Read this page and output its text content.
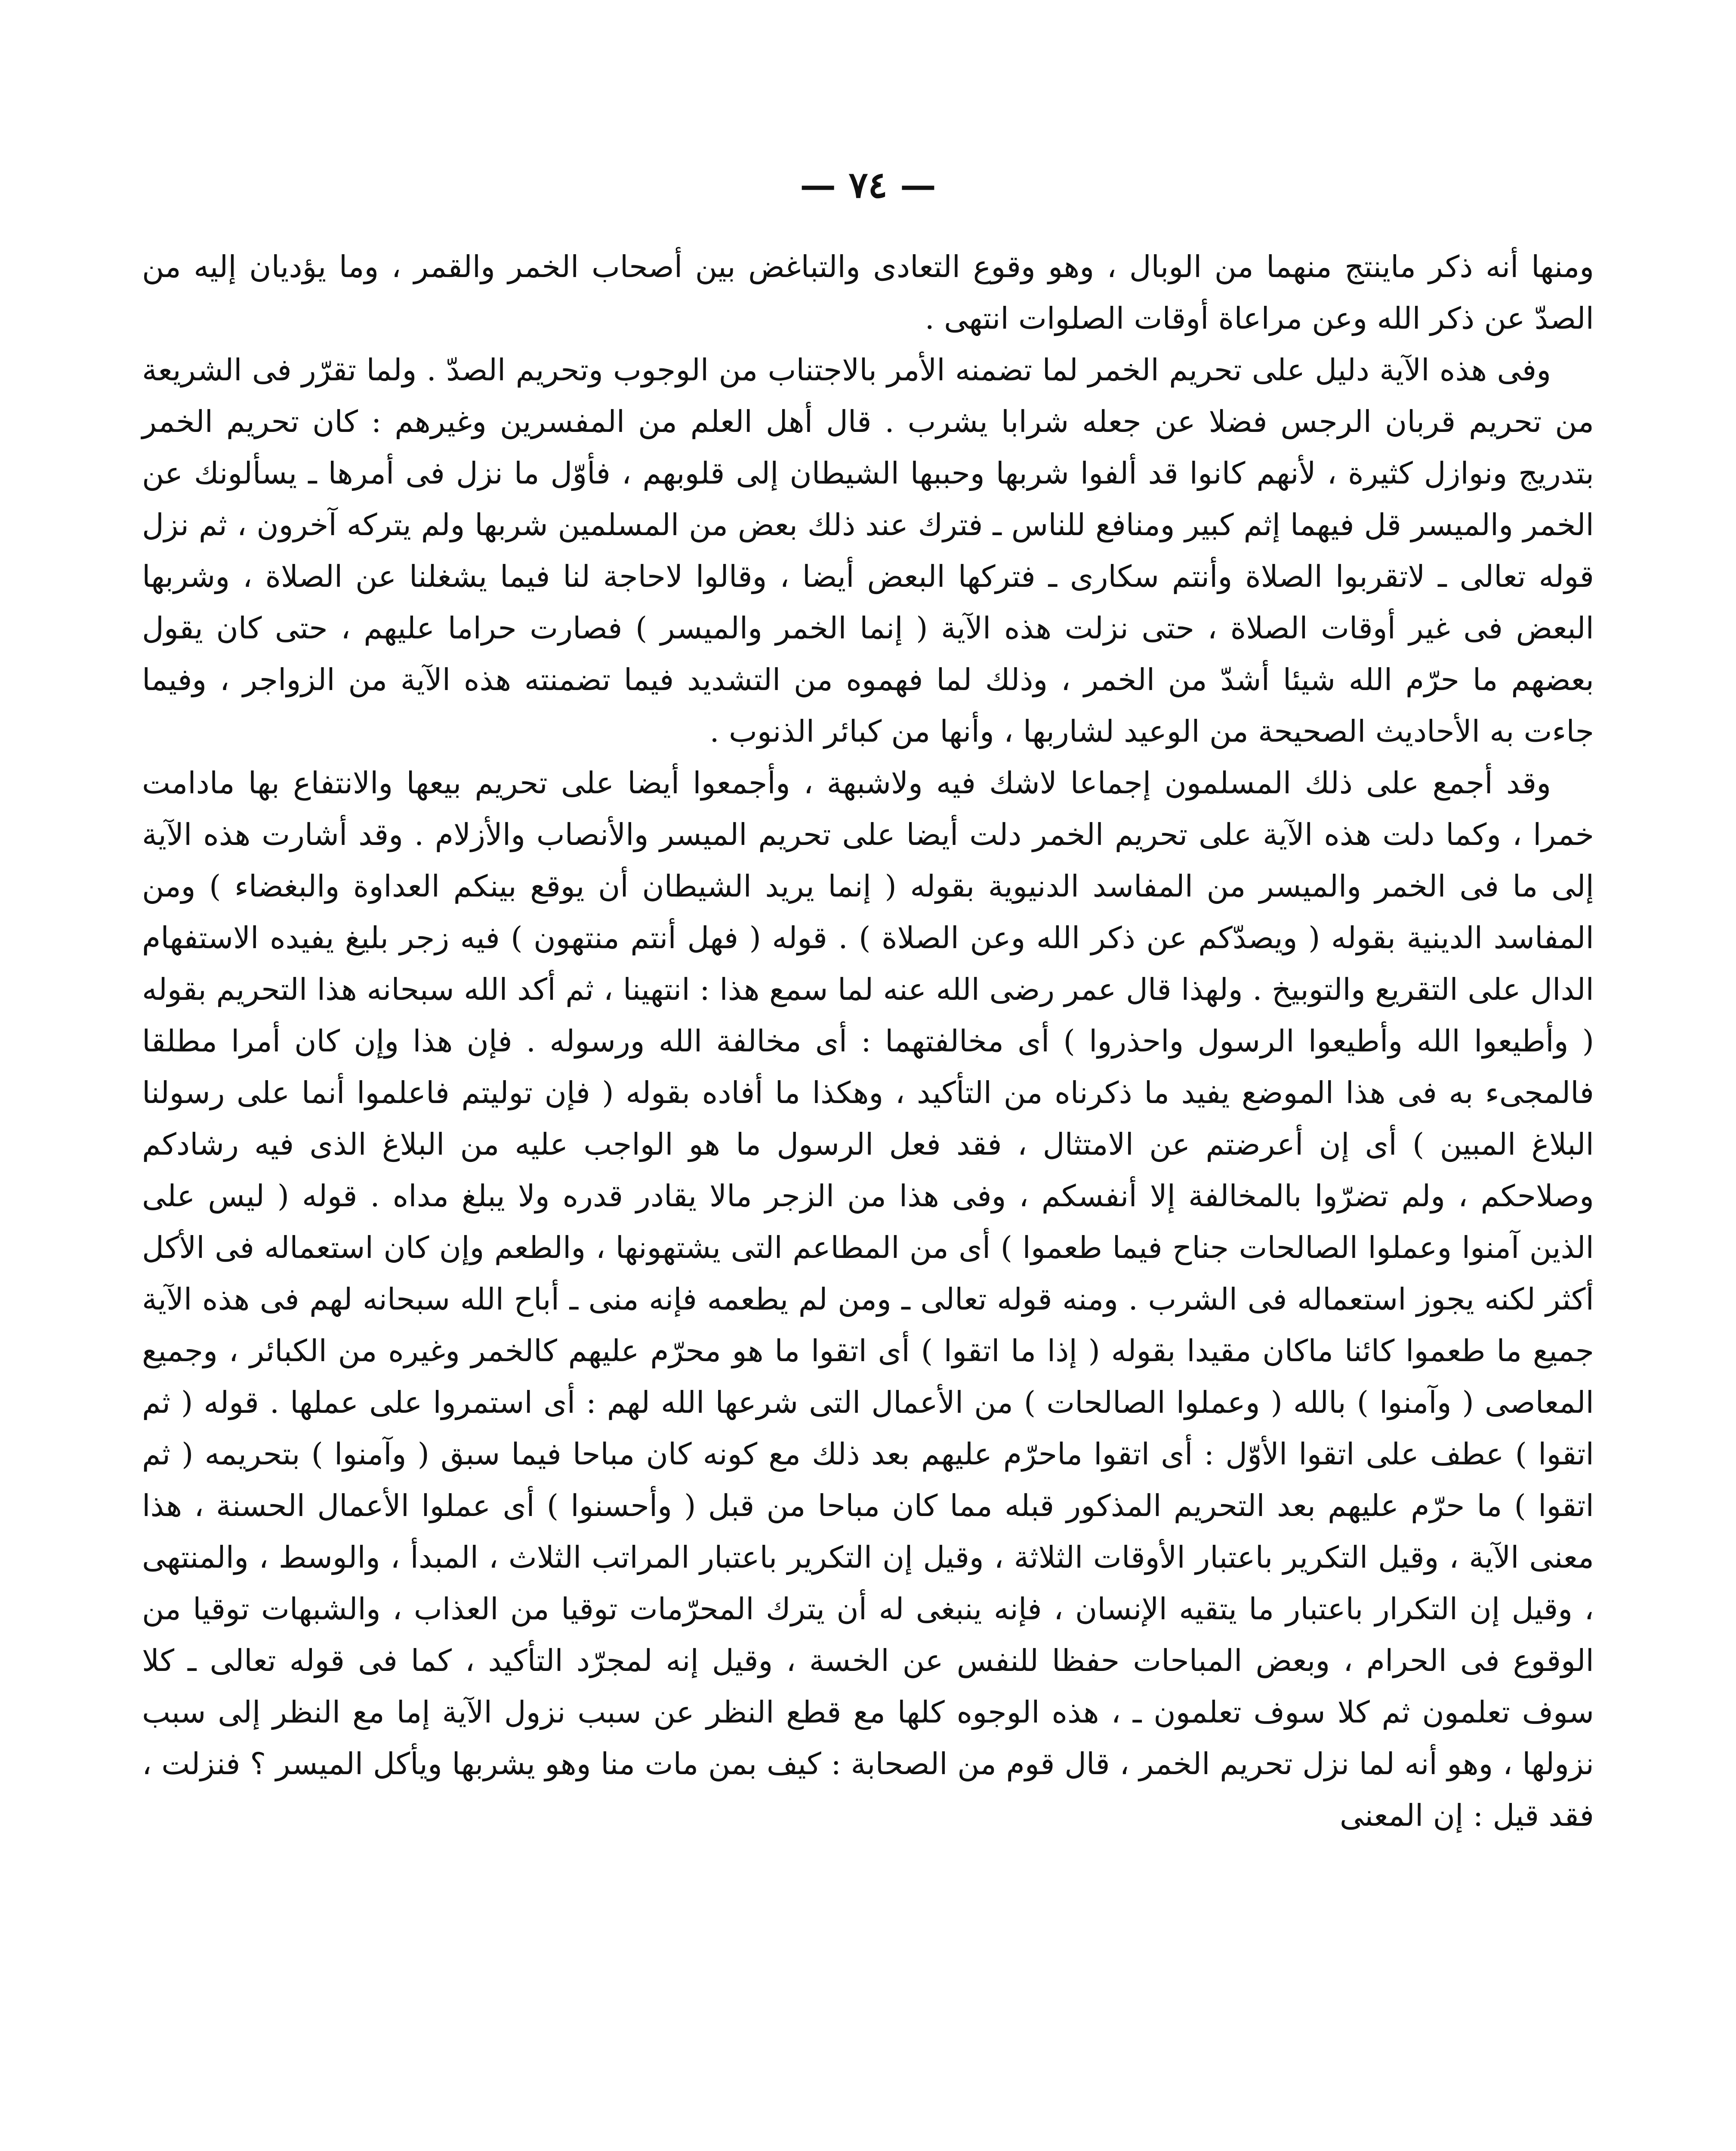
— ٧٤ —

ومنها أنه ذكر ماينتج منهما من الوبال ، وهو وقوع التعادى والتباغض بين أصحاب الخمر والقمر ، وما يؤديان إليه من الصدّ عن ذكر الله وعن مراعاة أوقات الصلوات انتهى .

وفى هذه الآية دليل على تحريم الخمر لما تضمنه الأمر بالاجتناب من الوجوب وتحريم الصدّ . ولما تقرّر فى الشريعة من تحريم قربان الرجس فضلا عن جعله شرابا يشرب . قال أهل العلم من المفسرين وغيرهم : كان تحريم الخمر بتدريج ونوازل كثيرة ، لأنهم كانوا قد ألفوا شربها وحببها الشيطان إلى قلوبهم ، فأوّل ما نزل فى أمرها ـ يسألونك عن الخمر والميسر قل فيهما إثم كبير ومنافع للناس ـ فترك عند ذلك بعض من المسلمين شربها ولم يتركه آخرون ، ثم نزل قوله تعالى ـ لاتقربوا الصلاة وأنتم سكارى ـ فتركها البعض أيضا ، وقالوا لاحاجة لنا فيما يشغلنا عن الصلاة ، وشربها البعض فى غير أوقات الصلاة ، حتى نزلت هذه الآية ( إنما الخمر والميسر ) فصارت حراما عليهم ، حتى كان يقول بعضهم ما حرّم الله شيئا أشدّ من الخمر ، وذلك لما فهموه من التشديد فيما تضمنته هذه الآية من الزواجر ، وفيما جاءت به الأحاديث الصحيحة من الوعيد لشاربها ، وأنها من كبائر الذنوب .

وقد أجمع على ذلك المسلمون إجماعا لاشك فيه ولاشبهة ، وأجمعوا أيضا على تحريم بيعها والانتفاع بها مادامت خمرا ، وكما دلت هذه الآية على تحريم الخمر دلت أيضا على تحريم الميسر والأنصاب والأزلام . وقد أشارت هذه الآية إلى ما فى الخمر والميسر من المفاسد الدنيوية بقوله ( إنما يريد الشيطان أن يوقع بينكم العداوة والبغضاء ) ومن المفاسد الدينية بقوله ( ويصدّكم عن ذكر الله وعن الصلاة ) . قوله ( فهل أنتم منتهون ) فيه زجر بليغ يفيده الاستفهام الدال على التقريع والتوبيخ . ولهذا قال عمر رضى الله عنه لما سمع هذا : انتهينا ، ثم أكد الله سبحانه هذا التحريم بقوله ( وأطيعوا الله وأطيعوا الرسول واحذروا ) أى مخالفتهما : أى مخالفة الله ورسوله . فإن هذا وإن كان أمرا مطلقا فالمجىء به فى هذا الموضع يفيد ما ذكرناه من التأكيد ، وهكذا ما أفاده بقوله ( فإن توليتم فاعلموا أنما على رسولنا البلاغ المبين ) أى إن أعرضتم عن الامتثال ، فقد فعل الرسول ما هو الواجب عليه من البلاغ الذى فيه رشادكم وصلاحكم ، ولم تضرّوا بالمخالفة إلا أنفسكم ، وفى هذا من الزجر مالا يقادر قدره ولا يبلغ مداه . قوله ( ليس على الذين آمنوا وعملوا الصالحات جناح فيما طعموا ) أى من المطاعم التى يشتهونها ، والطعم وإن كان استعماله فى الأكل أكثر لكنه يجوز استعماله فى الشرب . ومنه قوله تعالى ـ ومن لم يطعمه فإنه منى ـ أباح الله سبحانه لهم فى هذه الآية جميع ما طعموا كائنا ماكان مقيدا بقوله ( إذا ما اتقوا ) أى اتقوا ما هو محرّم عليهم كالخمر وغيره من الكبائر ، وجميع المعاصى ( وآمنوا ) بالله ( وعملوا الصالحات ) من الأعمال التى شرعها الله لهم : أى استمروا على عملها . قوله ( ثم اتقوا ) عطف على اتقوا الأوّل : أى اتقوا ماحرّم عليهم بعد ذلك مع كونه كان مباحا فيما سبق ( وآمنوا ) بتحريمه ( ثم اتقوا ) ما حرّم عليهم بعد التحريم المذكور قبله مما كان مباحا من قبل ( وأحسنوا ) أى عملوا الأعمال الحسنة ، هذا معنى الآية ، وقيل التكرير باعتبار الأوقات الثلاثة ، وقيل إن التكرير باعتبار المراتب الثلاث ، المبدأ ، والوسط ، والمنتهى ، وقيل إن التكرار باعتبار ما يتقيه الإنسان ، فإنه ينبغى له أن يترك المحرّمات توقيا من العذاب ، والشبهات توقيا من الوقوع فى الحرام ، وبعض المباحات حفظا للنفس عن الخسة ، وقيل إنه لمجرّد التأكيد ، كما فى قوله تعالى ـ كلا سوف تعلمون ثم كلا سوف تعلمون ـ ، هذه الوجوه كلها مع قطع النظر عن سبب نزول الآية إما مع النظر إلى سبب نزولها ، وهو أنه لما نزل تحريم الخمر ، قال قوم من الصحابة : كيف بمن مات منا وهو يشربها ويأكل الميسر ؟ فنزلت ، فقد قيل : إن المعنى
